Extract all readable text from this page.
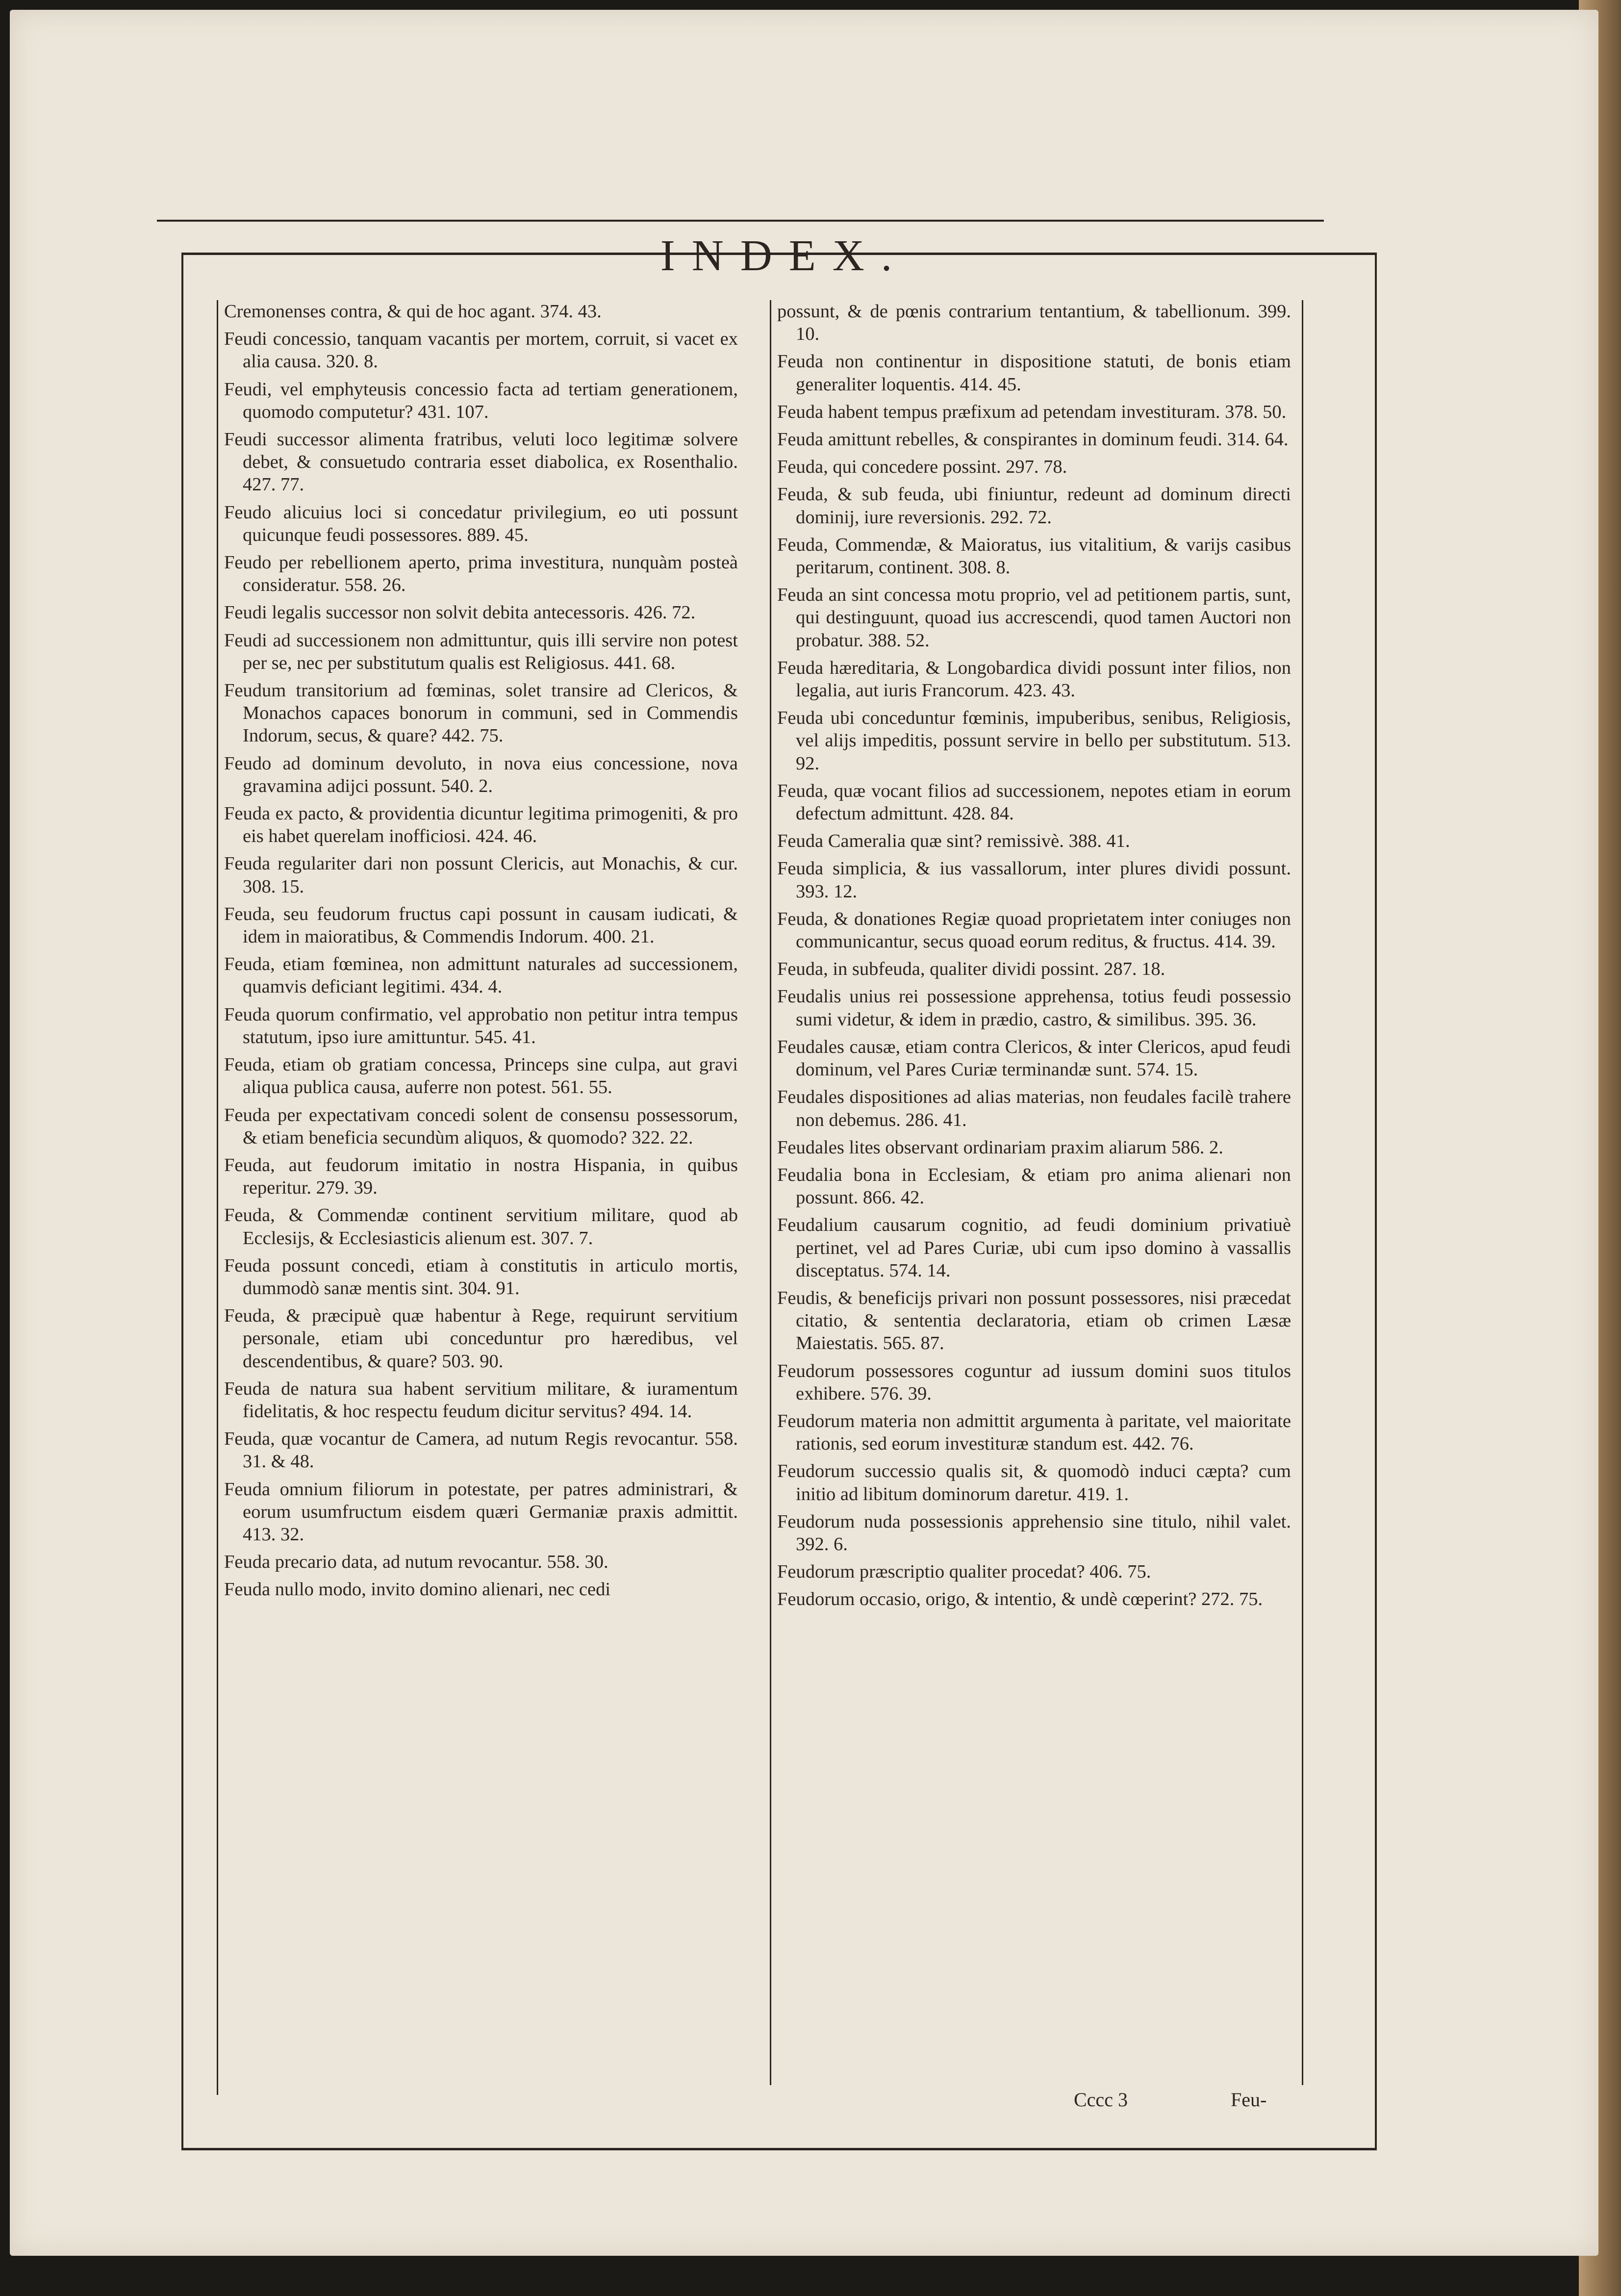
INDEX.

Cremonenses contra, & qui de hoc agant. 374. 43.

Feudi concessio, tanquam vacantis per mortem, corruit, si vacet ex alia causa. 320. 8.

Feudi, vel emphyteusis concessio facta ad tertiam generationem, quomodo computetur? 431. 107.

Feudi successor alimenta fratribus, veluti loco legitimæ solvere debet, & consuetudo contraria esset diabolica, ex Rosenthalio. 427. 77.

Feudo alicuius loci si concedatur privilegium, eo uti possunt quicunque feudi possessores. 889. 45.

Feudo per rebellionem aperto, prima investitura, nunquàm posteà consideratur. 558. 26.

Feudi legalis successor non solvit debita antecessoris. 426. 72.

Feudi ad successionem non admittuntur, quis illi servire non potest per se, nec per substitutum qualis est Religiosus. 441. 68.

Feudum transitorium ad fœminas, solet transire ad Clericos, & Monachos capaces bonorum in communi, sed in Commendis Indorum, secus, & quare? 442. 75.

Feudo ad dominum devoluto, in nova eius concessione, nova gravamina adijci possunt. 540. 2.

Feuda ex pacto, & providentia dicuntur legitima primogeniti, & pro eis habet querelam inofficiosi. 424. 46.

Feuda regulariter dari non possunt Clericis, aut Monachis, & cur. 308. 15.

Feuda, seu feudorum fructus capi possunt in causam iudicati, & idem in maioratibus, & Commendis Indorum. 400. 21.

Feuda, etiam fœminea, non admittunt naturales ad successionem, quamvis deficiant legitimi. 434. 4.

Feuda quorum confirmatio, vel approbatio non petitur intra tempus statutum, ipso iure amittuntur. 545. 41.

Feuda, etiam ob gratiam concessa, Princeps sine culpa, aut gravi aliqua publica causa, auferre non potest. 561. 55.

Feuda per expectativam concedi solent de consensu possessorum, & etiam beneficia secundùm aliquos, & quomodo? 322. 22.

Feuda, aut feudorum imitatio in nostra Hispania, in quibus reperitur. 279. 39.

Feuda, & Commendæ continent servitium militare, quod ab Ecclesijs, & Ecclesiasticis alienum est. 307. 7.

Feuda possunt concedi, etiam à constitutis in articulo mortis, dummodò sanæ mentis sint. 304. 91.

Feuda, & præcipuè quæ habentur à Rege, requirunt servitium personale, etiam ubi conceduntur pro hæredibus, vel descendentibus, & quare? 503. 90.

Feuda de natura sua habent servitium militare, & iuramentum fidelitatis, & hoc respectu feudum dicitur servitus? 494. 14.

Feuda, quæ vocantur de Camera, ad nutum Regis revocantur. 558. 31. & 48.

Feuda omnium filiorum in potestate, per patres administrari, & eorum usumfructum eisdem quæri Germaniæ praxis admittit. 413. 32.

Feuda precario data, ad nutum revocantur. 558. 30.

Feuda nullo modo, invito domino alienari, nec cedi

possunt, & de pœnis contrarium tentantium, & tabellionum. 399. 10.

Feuda non continentur in dispositione statuti, de bonis etiam generaliter loquentis. 414. 45.

Feuda habent tempus præfixum ad petendam investituram. 378. 50.

Feuda amittunt rebelles, & conspirantes in dominum feudi. 314. 64.

Feuda, qui concedere possint. 297. 78.

Feuda, & sub feuda, ubi finiuntur, redeunt ad dominum directi dominij, iure reversionis. 292. 72.

Feuda, Commendæ, & Maioratus, ius vitalitium, & varijs casibus peritarum, continent. 308. 8.

Feuda an sint concessa motu proprio, vel ad petitionem partis, sunt, qui destinguunt, quoad ius accrescendi, quod tamen Auctori non probatur. 388. 52.

Feuda hæreditaria, & Longobardica dividi possunt inter filios, non legalia, aut iuris Francorum. 423. 43.

Feuda ubi conceduntur fœminis, impuberibus, senibus, Religiosis, vel alijs impeditis, possunt servire in bello per substitutum. 513. 92.

Feuda, quæ vocant filios ad successionem, nepotes etiam in eorum defectum admittunt. 428. 84.

Feuda Cameralia quæ sint? remissivè. 388. 41.

Feuda simplicia, & ius vassallorum, inter plures dividi possunt. 393. 12.

Feuda, & donationes Regiæ quoad proprietatem inter coniuges non communicantur, secus quoad eorum reditus, & fructus. 414. 39.

Feuda, in subfeuda, qualiter dividi possint. 287. 18.

Feudalis unius rei possessione apprehensa, totius feudi possessio sumi videtur, & idem in prædio, castro, & similibus. 395. 36.

Feudales causæ, etiam contra Clericos, & inter Clericos, apud feudi dominum, vel Pares Curiæ terminandæ sunt. 574. 15.

Feudales dispositiones ad alias materias, non feudales facilè trahere non debemus. 286. 41.

Feudales lites observant ordinariam praxim aliarum 586. 2.

Feudalia bona in Ecclesiam, & etiam pro anima alienari non possunt. 866. 42.

Feudalium causarum cognitio, ad feudi dominium privatiuè pertinet, vel ad Pares Curiæ, ubi cum ipso domino à vassallis disceptatus. 574. 14.

Feudis, & beneficijs privari non possunt possessores, nisi præcedat citatio, & sententia declaratoria, etiam ob crimen Læsæ Maiestatis. 565. 87.

Feudorum possessores coguntur ad iussum domini suos titulos exhibere. 576. 39.

Feudorum materia non admittit argumenta à paritate, vel maioritate rationis, sed eorum investituræ standum est. 442. 76.

Feudorum successio qualis sit, & quomodò induci cæpta? cum initio ad libitum dominorum daretur. 419. 1.

Feudorum nuda possessionis apprehensio sine titulo, nihil valet. 392. 6.

Feudorum præscriptio qualiter procedat? 406. 75.

Feudorum occasio, origo, & intentio, & undè cœperint? 272. 75.

Cccc 3	Feu-
